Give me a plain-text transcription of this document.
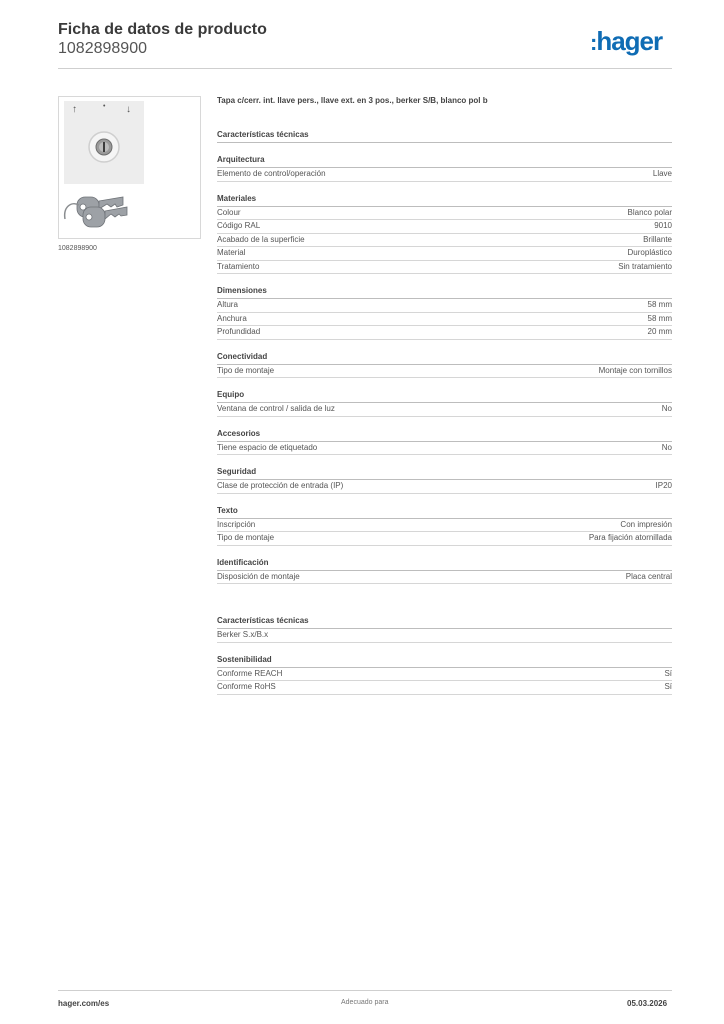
Ficha de datos de producto
1082898900	:hager
↑	• ↓
1082898900
Tapa c/cerr. int. llave pers., llave ext. en 3 pos., berker S/B, blanco pol b
Características técnicas
Arquitectura
Elemento de control/operación	Llave
Materiales
Colour	Blanco polar
Código RAL	9010
Acabado de la superficie	Brillante
Material	Duroplástico
Tratamiento	Sin tratamiento
Dimensiones
Altura	58 mm
Anchura	58 mm
Profundidad	20 mm
Conectividad
Tipo de montaje	Montaje con tornillos
Equipo
Ventana de control / salida de luz	No
Accesorios
Tiene espacio de etiquetado	No
Seguridad
Clase de protección de entrada (IP)	IP20
Texto
Inscripción	Con impresión
Tipo de montaje	Para fijación atornillada
Identificación
Disposición de montaje	Placa central
Características técnicas
Berker S.x/B.x
Sostenibilidad
Conforme REACH	Sí
Conforme RoHS	Sí
hager.com/es	Adecuado para	05.03.2026
